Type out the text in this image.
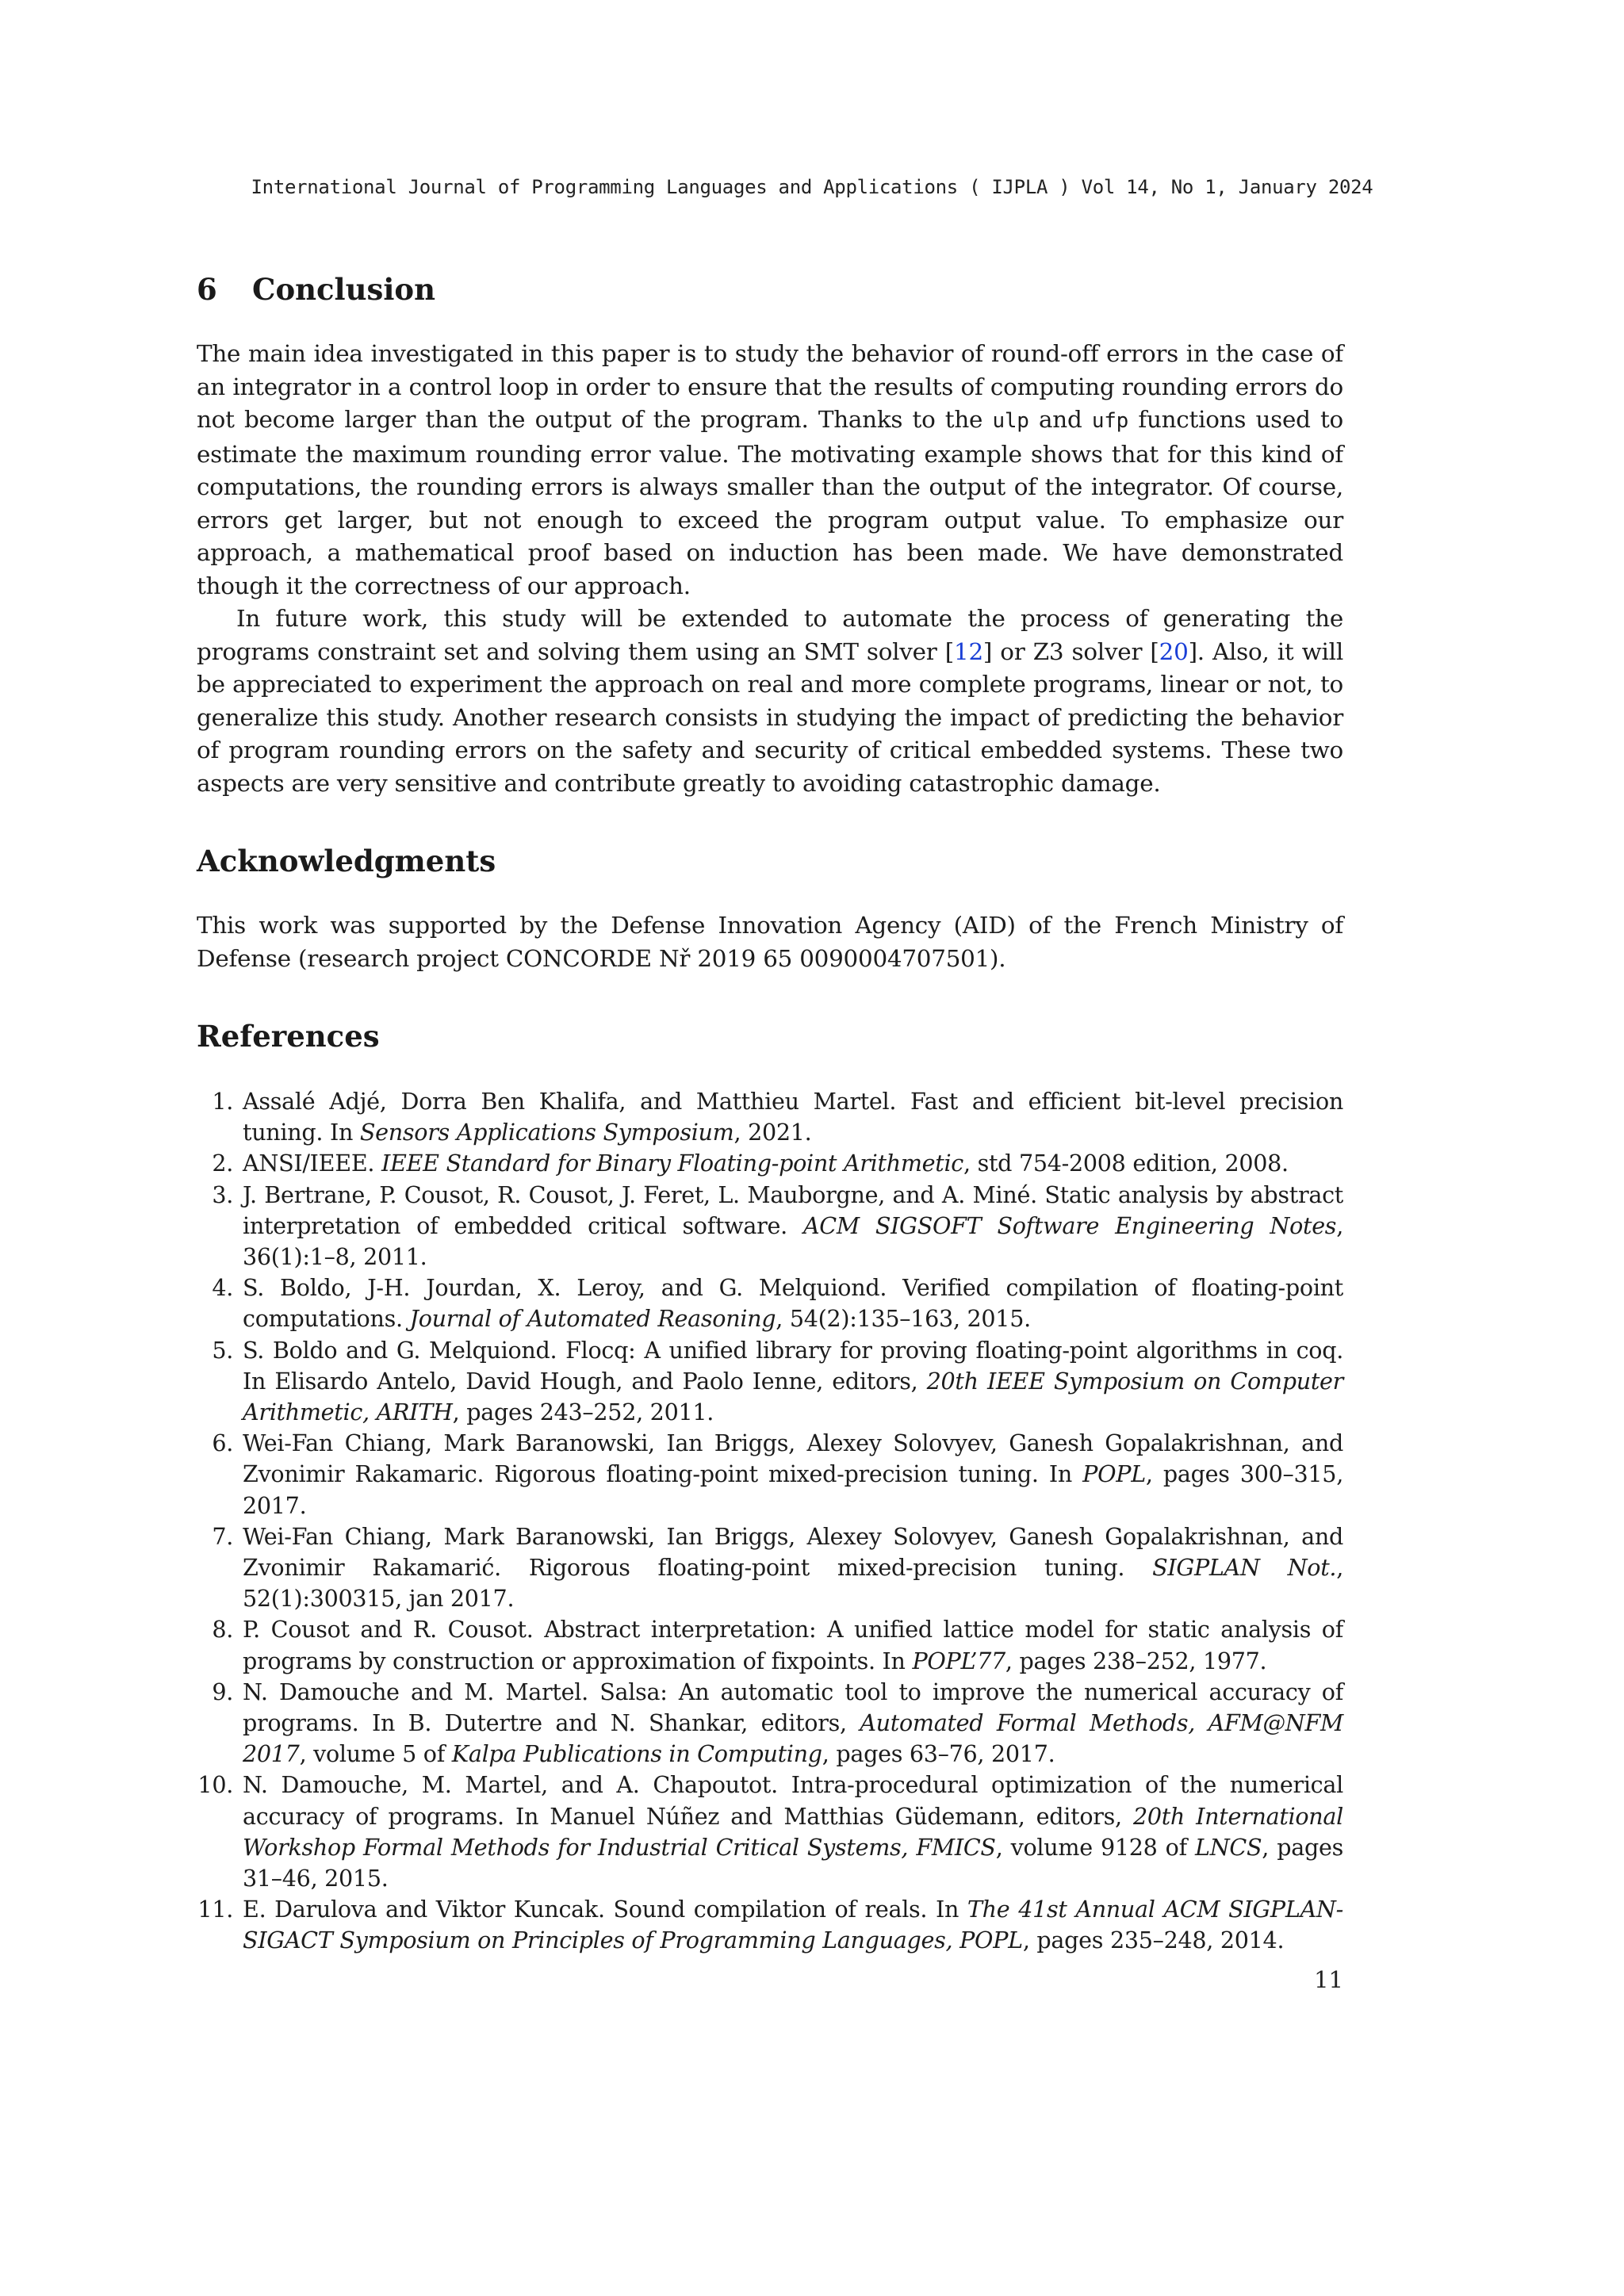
International Journal of Programming Languages and Applications ( IJPLA ) Vol 14, No 1, January 2024
6 Conclusion

The main idea investigated in this paper is to study the behavior of round-off errors in the case of an integrator in a control loop in order to ensure that the results of computing rounding errors do not become larger than the output of the program. Thanks to the ulp and ufp functions used to estimate the maximum rounding error value. The motivating example shows that for this kind of computations, the rounding errors is always smaller than the output of the integrator. Of course, errors get larger, but not enough to exceed the program output value. To emphasize our approach, a mathematical proof based on induction has been made. We have demonstrated though it the correctness of our approach.

In future work, this study will be extended to automate the process of generating the programs constraint set and solving them using an SMT solver [12] or Z3 solver [20]. Also, it will be appreciated to experiment the approach on real and more complete programs, linear or not, to generalize this study. Another research consists in studying the impact of predicting the behavior of program rounding errors on the safety and security of critical embedded systems. These two aspects are very sensitive and contribute greatly to avoiding catastrophic damage.

Acknowledgments

This work was supported by the Defense Innovation Agency (AID) of the French Ministry of Defense (research project CONCORDE Nř 2019 65 0090004707501).

References
1. Assalé Adjé, Dorra Ben Khalifa, and Matthieu Martel. Fast and efficient bit-level precision tuning. In Sensors Applications Symposium, 2021.
2. ANSI/IEEE. IEEE Standard for Binary Floating-point Arithmetic, std 754-2008 edition, 2008.
3. J. Bertrane, P. Cousot, R. Cousot, J. Feret, L. Mauborgne, and A. Miné. Static analysis by abstract interpretation of embedded critical software. ACM SIGSOFT Software Engineering Notes, 36(1):1–8, 2011.
4. S. Boldo, J-H. Jourdan, X. Leroy, and G. Melquiond. Verified compilation of floating-point computations. Journal of Automated Reasoning, 54(2):135–163, 2015.
5. S. Boldo and G. Melquiond. Flocq: A unified library for proving floating-point algorithms in coq. In Elisardo Antelo, David Hough, and Paolo Ienne, editors, 20th IEEE Symposium on Computer Arithmetic, ARITH, pages 243–252, 2011.
6. Wei-Fan Chiang, Mark Baranowski, Ian Briggs, Alexey Solovyev, Ganesh Gopalakrishnan, and Zvonimir Rakamaric. Rigorous floating-point mixed-precision tuning. In POPL, pages 300–315, 2017.
7. Wei-Fan Chiang, Mark Baranowski, Ian Briggs, Alexey Solovyev, Ganesh Gopalakrishnan, and Zvonimir Rakamarić. Rigorous floating-point mixed-precision tuning. SIGPLAN Not., 52(1):300315, jan 2017.
8. P. Cousot and R. Cousot. Abstract interpretation: A unified lattice model for static analysis of programs by construction or approximation of fixpoints. In POPL’77, pages 238–252, 1977.
9. N. Damouche and M. Martel. Salsa: An automatic tool to improve the numerical accuracy of programs. In B. Dutertre and N. Shankar, editors, Automated Formal Methods, AFM@NFM 2017, volume 5 of Kalpa Publications in Computing, pages 63–76, 2017.
10. N. Damouche, M. Martel, and A. Chapoutot. Intra-procedural optimization of the numerical accuracy of programs. In Manuel Núñez and Matthias Güdemann, editors, 20th International Workshop Formal Methods for Industrial Critical Systems, FMICS, volume 9128 of LNCS, pages 31–46, 2015.
11. E. Darulova and Viktor Kuncak. Sound compilation of reals. In The 41st Annual ACM SIGPLAN-SIGACT Symposium on Principles of Programming Languages, POPL, pages 235–248, 2014.
11
